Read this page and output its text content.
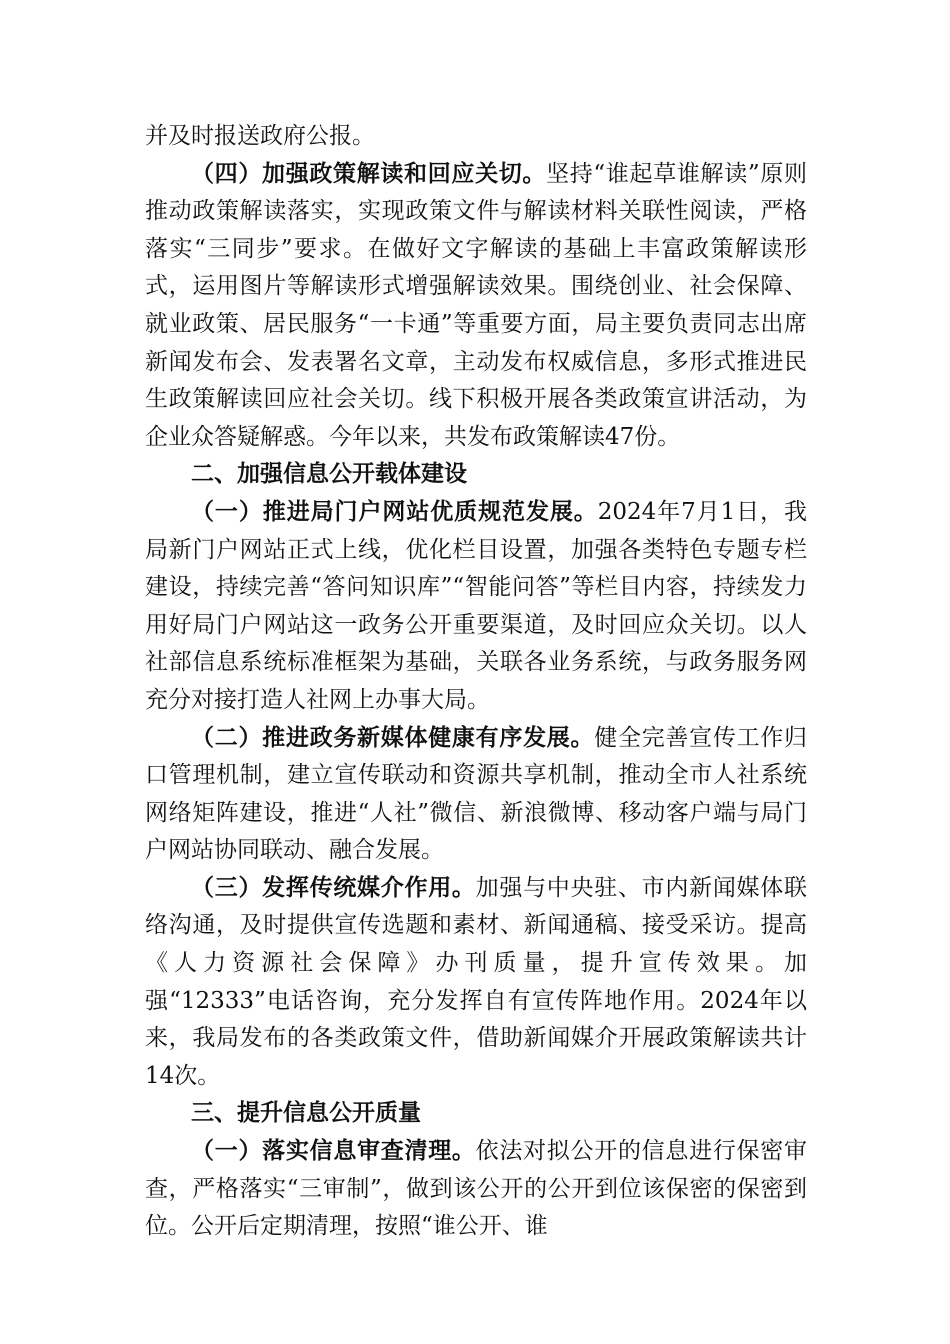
并及时报送政府公报。

（四）加强政策解读和回应关切。坚持“谁起草谁解读”原则推动政策解读落实，实现政策文件与解读材料关联性阅读，严格落实“三同步”要求。在做好文字解读的基础上丰富政策解读形式，运用图片等解读形式增强解读效果。围绕创业、社会保障、就业政策、居民服务“一卡通”等重要方面，局主要负责同志出席新闻发布会、发表署名文章，主动发布权威信息，多形式推进民生政策解读回应社会关切。线下积极开展各类政策宣讲活动，为企业众答疑解惑。今年以来，共发布政策解读47份。

二、加强信息公开载体建设

（一）推进局门户网站优质规范发展。2024年7月1日，我局新门户网站正式上线，优化栏目设置，加强各类特色专题专栏建设，持续完善“答问知识库”“智能问答”等栏目内容，持续发力用好局门户网站这一政务公开重要渠道，及时回应众关切。以人社部信息系统标准框架为基础，关联各业务系统，与政务服务网充分对接打造人社网上办事大局。

（二）推进政务新媒体健康有序发展。健全完善宣传工作归口管理机制，建立宣传联动和资源共享机制，推动全市人社系统网络矩阵建设，推进“人社”微信、新浪微博、移动客户端与局门户网站协同联动、融合发展。

（三）发挥传统媒介作用。加强与中央驻、市内新闻媒体联络沟通，及时提供宣传选题和素材、新闻通稿、接受采访。提高《人力资源社会保障》办刊质量，提升宣传效果。加强“12333”电话咨询，充分发挥自有宣传阵地作用。2024年以来，我局发布的各类政策文件，借助新闻媒介开展政策解读共计14次。

三、提升信息公开质量

（一）落实信息审查清理。依法对拟公开的信息进行保密审查，严格落实“三审制”，做到该公开的公开到位该保密的保密到位。公开后定期清理，按照“谁公开、谁
